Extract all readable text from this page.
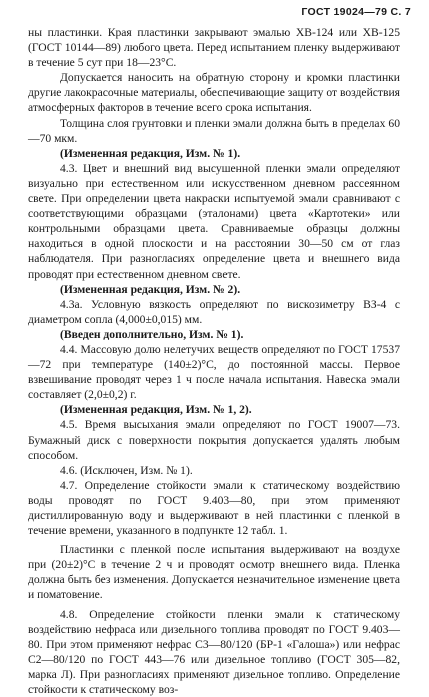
ГОСТ 19024—79 С. 7

ны пластинки. Края пластинки закрывают эмалью ХВ-124 или ХВ-125 (ГОСТ 10144—89) любого цвета. Перед испытанием пленку выдерживают в течение 5 сут при 18—23°С.

Допускается наносить на обратную сторону и кромки пластинки другие лакокрасочные материалы, обеспечивающие защиту от воздействия атмосферных факторов в течение всего срока испытания.

Толщина слоя грунтовки и пленки эмали должна быть в пределах 60—70 мкм.

(Измененная редакция, Изм. № 1).

4.3. Цвет и внешний вид высушенной пленки эмали определяют визуально при естественном или искусственном дневном рассеянном свете. При определении цвета накраски испытуемой эмали сравнивают с соответствующими образцами (эталонами) цвета «Картотеки» или контрольными образцами цвета. Сравниваемые образцы должны находиться в одной плоскости и на расстоянии 30—50 см от глаз наблюдателя. При разногласиях определение цвета и внешнего вида проводят при естественном дневном свете.

(Измененная редакция, Изм. № 2).

4.3а. Условную вязкость определяют по вискозиметру ВЗ-4 с диаметром сопла (4,000±0,015) мм.

(Введен дополнительно, Изм. № 1).

4.4. Массовую долю нелетучих веществ определяют по ГОСТ 17537—72 при температуре (140±2)°С, до постоянной массы. Первое взвешивание проводят через 1 ч после начала испытания. Навеска эмали составляет (2,0±0,2) г.

(Измененная редакция, Изм. № 1, 2).

4.5. Время высыхания эмали определяют по ГОСТ 19007—73. Бумажный диск с поверхности покрытия допускается удалять любым способом.

4.6. (Исключен, Изм. № 1).

4.7. Определение стойкости эмали к статическому воздействию воды проводят по ГОСТ 9.403—80, при этом применяют дистиллированную воду и выдерживают в ней пластинки с пленкой в течение времени, указанного в подпункте 12 табл. 1.

Пластинки с пленкой после испытания выдерживают на воздухе при (20±2)°С в течение 2 ч и проводят осмотр внешнего вида. Пленка должна быть без изменения. Допускается незначительное изменение цвета и поматовение.

4.8. Определение стойкости пленки эмали к статическому воздействию нефраса или дизельного топлива проводят по ГОСТ 9.403—80. При этом применяют нефрас С3—80/120 (БР-1 «Галоша») или нефрас С2—80/120 по ГОСТ 443—76 или дизельное топливо (ГОСТ 305—82, марка Л). При разногласиях применяют дизельное топливо. Определение стойкости к статическому воз-
